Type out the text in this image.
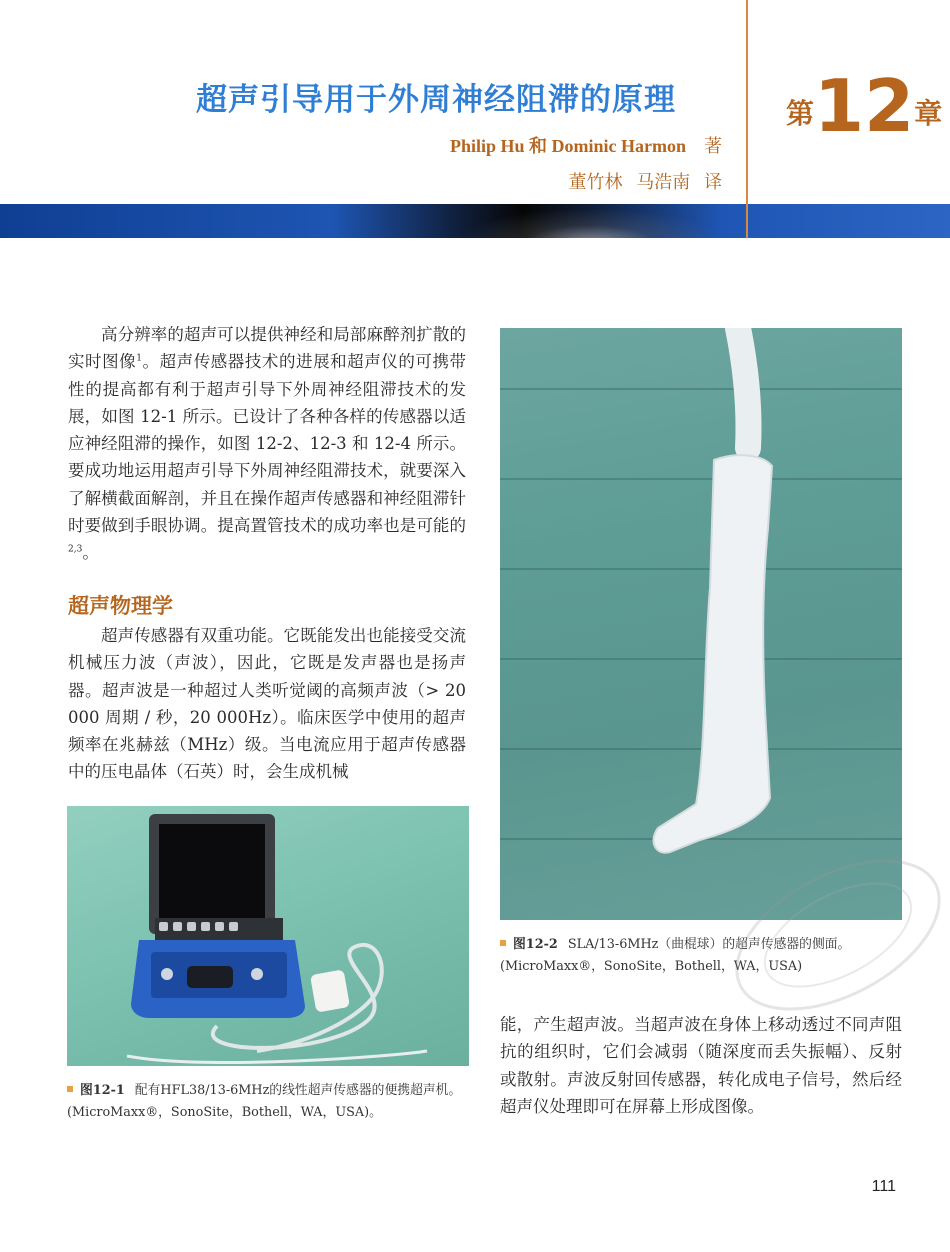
超声引导用于外周神经阻滞的原理
Philip Hu 和 Dominic Harmon 著
董竹林 马浩南 译
第12章

高分辨率的超声可以提供神经和局部麻醉剂扩散的实时图像$^1$。超声传感器技术的进展和超声仪的可携带性的提高都有利于超声引导下外周神经阻滞技术的发展，如图 12-1 所示。已设计了各种各样的传感器以适应神经阻滞的操作，如图 12-2、12-3 和 12-4 所示。要成功地运用超声引导下外周神经阻滞技术，就要深入了解横截面解剖，并且在操作超声传感器和神经阻滞针时要做到手眼协调。提高置管技术的成功率也是可能的$^{2,3}$。

超声物理学

超声传感器有双重功能。它既能发出也能接受交流机械压力波（声波），因此，它既是发声器也是扬声器。超声波是一种超过人类听觉阈的高频声波（> 20 000 周期 / 秒，20 000Hz）。临床医学中使用的超声频率在兆赫兹（MHz）级。当电流应用于超声传感器中的压电晶体（石英）时，会生成机械

图12-1 配有HFL38/13-6MHz的线性超声传感器的便携超声机。(MicroMaxx®，SonoSite，Bothell，WA，USA)。

图12-2 SLA/13-6MHz（曲棍球）的超声传感器的侧面。(MicroMaxx®，SonoSite，Bothell，WA，USA)

能，产生超声波。当超声波在身体上移动透过不同声阻抗的组织时，它们会减弱（随深度而丢失振幅）、反射或散射。声波反射回传感器，转化成电子信号，然后经超声仪处理即可在屏幕上形成图像。

111
